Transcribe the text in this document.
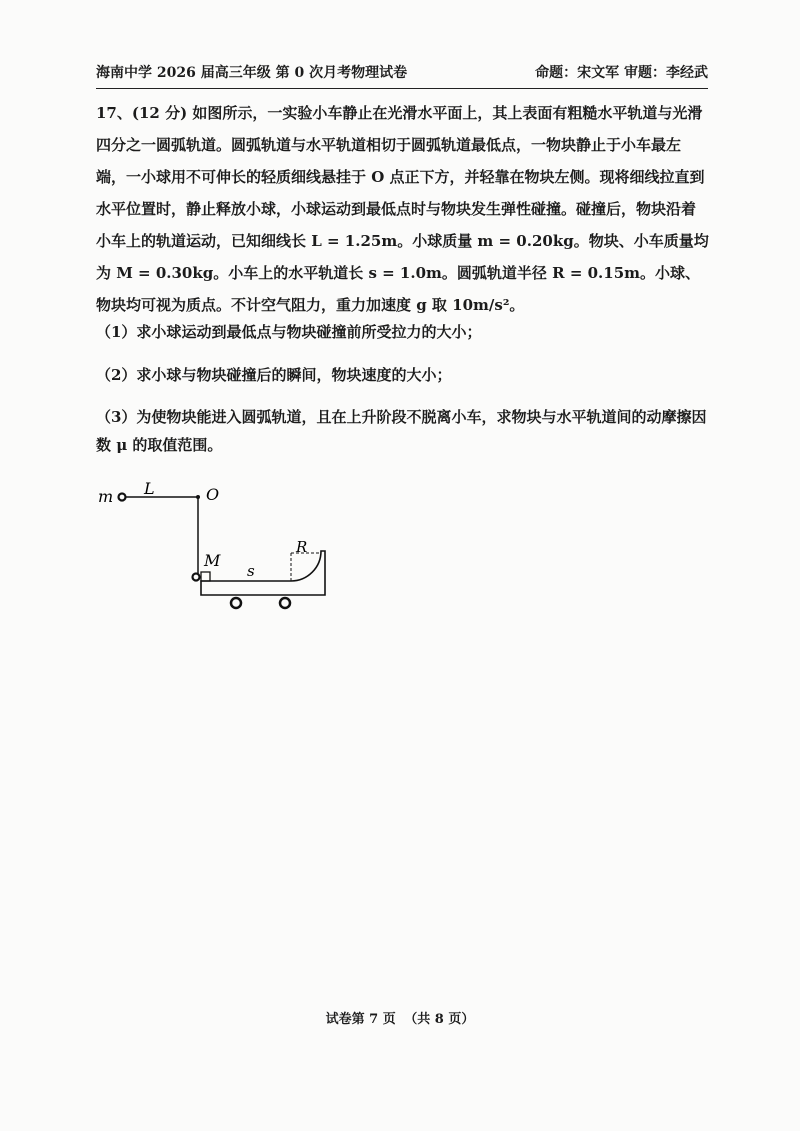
海南中学 2026 届高三年级 第 0 次月考物理试卷	命题：宋文军 审题：李经武

17、(12 分) 如图所示，一实验小车静止在光滑水平面上，其上表面有粗糙水平轨道与光滑四分之一圆弧轨道。圆弧轨道与水平轨道相切于圆弧轨道最低点，一物块静止于小车最左端，一小球用不可伸长的轻质细线悬挂于 O 点正下方，并轻靠在物块左侧。现将细线拉直到水平位置时，静止释放小球，小球运动到最低点时与物块发生弹性碰撞。碰撞后，物块沿着小车上的轨道运动，已知细线长 L = 1.25m。小球质量 m = 0.20kg。物块、小车质量均为 M = 0.30kg。小车上的水平轨道长 s = 1.0m。圆弧轨道半径 R = 0.15m。小球、物块均可视为质点。不计空气阻力，重力加速度 g 取 10m/s²。

（1）求小球运动到最低点与物块碰撞前所受拉力的大小；

（2）求小球与物块碰撞后的瞬间，物块速度的大小；

（3）为使物块能进入圆弧轨道，且在上升阶段不脱离小车，求物块与水平轨道间的动摩擦因数 μ 的取值范围。

m L	O
M
s
R
试卷第 7 页 （共 8 页）
